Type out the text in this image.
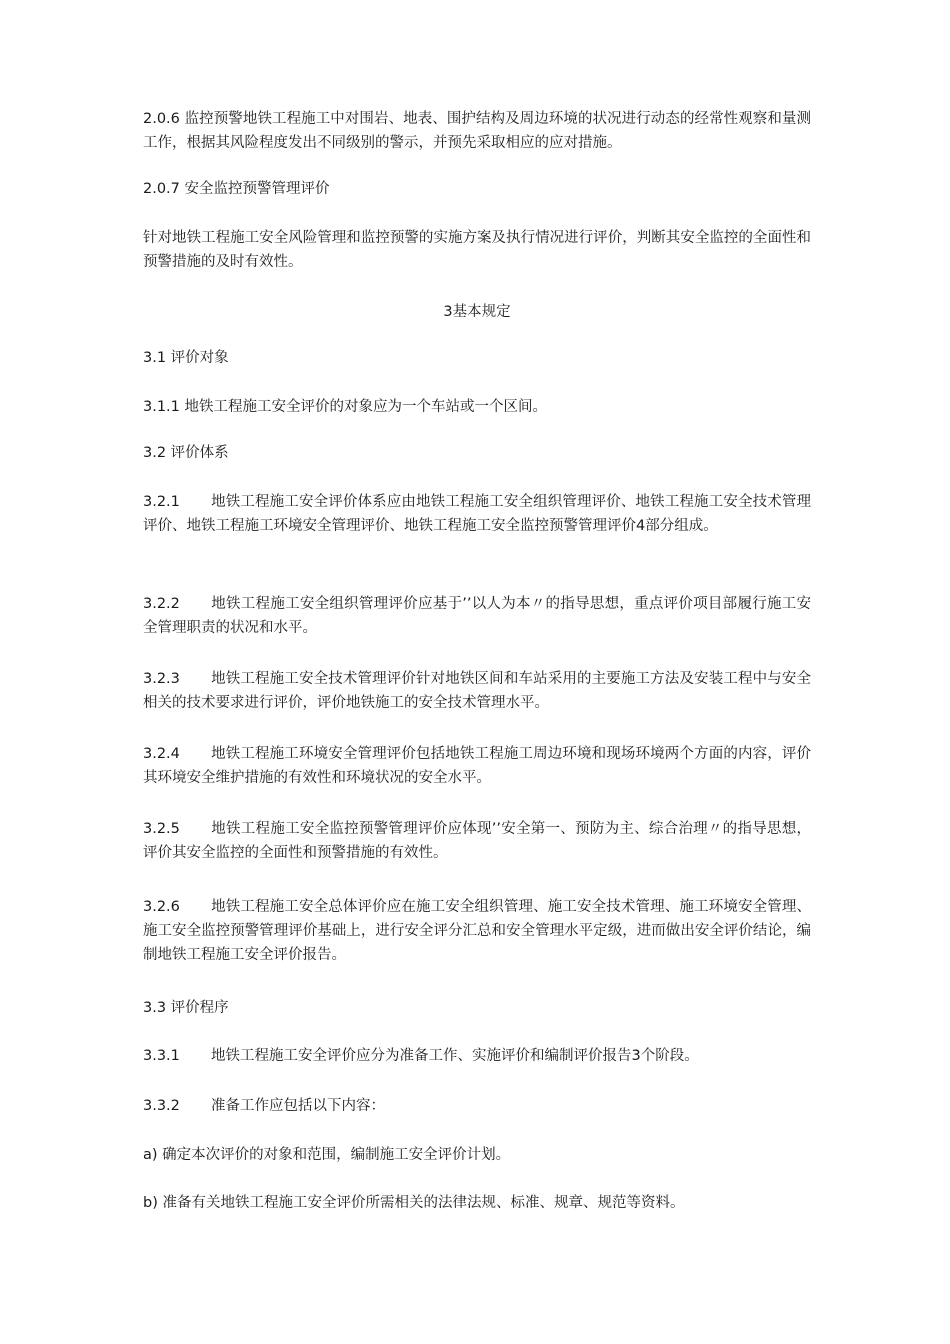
2.0.6 监控预警地铁工程施工中对围岩、地表、围护结构及周边环境的状况进行动态的经常性观察和量测工作，根据其风险程度发出不同级别的警示，并预先采取相应的应对措施。

2.0.7 安全监控预警管理评价

针对地铁工程施工安全风险管理和监控预警的实施方案及执行情况进行评价，判断其安全监控的全面性和预警措施的及时有效性。

3基本规定

3.1 评价对象

3.1.1 地铁工程施工安全评价的对象应为一个车站或一个区间。

3.2 评价体系

3.2.1 地铁工程施工安全评价体系应由地铁工程施工安全组织管理评价、地铁工程施工安全技术管理评价、地铁工程施工环境安全管理评价、地铁工程施工安全监控预警管理评价4部分组成。

3.2.2 地铁工程施工安全组织管理评价应基于’’以人为本〃的指导思想，重点评价项目部履行施工安全管理职责的状况和水平。

3.2.3 地铁工程施工安全技术管理评价针对地铁区间和车站采用的主要施工方法及安装工程中与安全相关的技术要求进行评价，评价地铁施工的安全技术管理水平。

3.2.4 地铁工程施工环境安全管理评价包括地铁工程施工周边环境和现场环境两个方面的内容，评价其环境安全维护措施的有效性和环境状况的安全水平。

3.2.5 地铁工程施工安全监控预警管理评价应体现’’安全第一、预防为主、综合治理〃的指导思想，评价其安全监控的全面性和预警措施的有效性。

3.2.6 地铁工程施工安全总体评价应在施工安全组织管理、施工安全技术管理、施工环境安全管理、施工安全监控预警管理评价基础上，进行安全评分汇总和安全管理水平定级，进而做出安全评价结论，编制地铁工程施工安全评价报告。

3.3 评价程序

3.3.1 地铁工程施工安全评价应分为准备工作、实施评价和编制评价报告3个阶段。

3.3.2 准备工作应包括以下内容：

a) 确定本次评价的对象和范围，编制施工安全评价计划。

b) 准备有关地铁工程施工安全评价所需相关的法律法规、标准、规章、规范等资料。
